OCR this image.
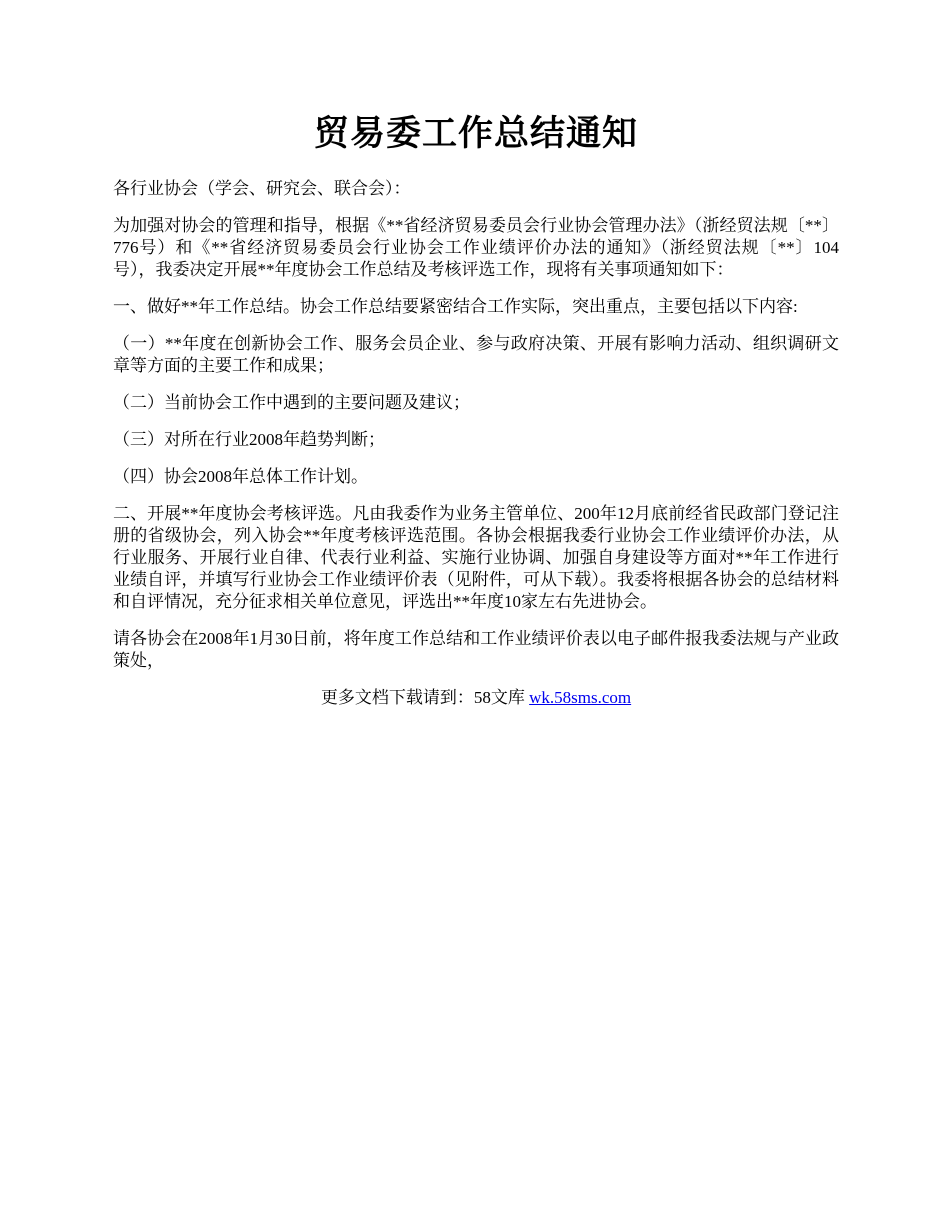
贸易委工作总结通知

各行业协会（学会、研究会、联合会）：

为加强对协会的管理和指导，根据《**省经济贸易委员会行业协会管理办法》（浙经贸法规〔**〕776号）和《**省经济贸易委员会行业协会工作业绩评价办法的通知》（浙经贸法规〔**〕104号），我委决定开展**年度协会工作总结及考核评选工作，现将有关事项通知如下：

一、做好**年工作总结。协会工作总结要紧密结合工作实际，突出重点，主要包括以下内容:

（一）**年度在创新协会工作、服务会员企业、参与政府决策、开展有影响力活动、组织调研文章等方面的主要工作和成果；

（二）当前协会工作中遇到的主要问题及建议；

（三）对所在行业2008年趋势判断；

（四）协会2008年总体工作计划。

二、开展**年度协会考核评选。凡由我委作为业务主管单位、200年12月底前经省民政部门登记注册的省级协会，列入协会**年度考核评选范围。各协会根据我委行业协会工作业绩评价办法，从行业服务、开展行业自律、代表行业利益、实施行业协调、加强自身建设等方面对**年工作进行业绩自评，并填写行业协会工作业绩评价表（见附件，可从下载）。我委将根据各协会的总结材料和自评情况，充分征求相关单位意见，评选出**年度10家左右先进协会。

请各协会在2008年1月30日前，将年度工作总结和工作业绩评价表以电子邮件报我委法规与产业政策处，

更多文档下载请到：58文库 wk.58sms.com
